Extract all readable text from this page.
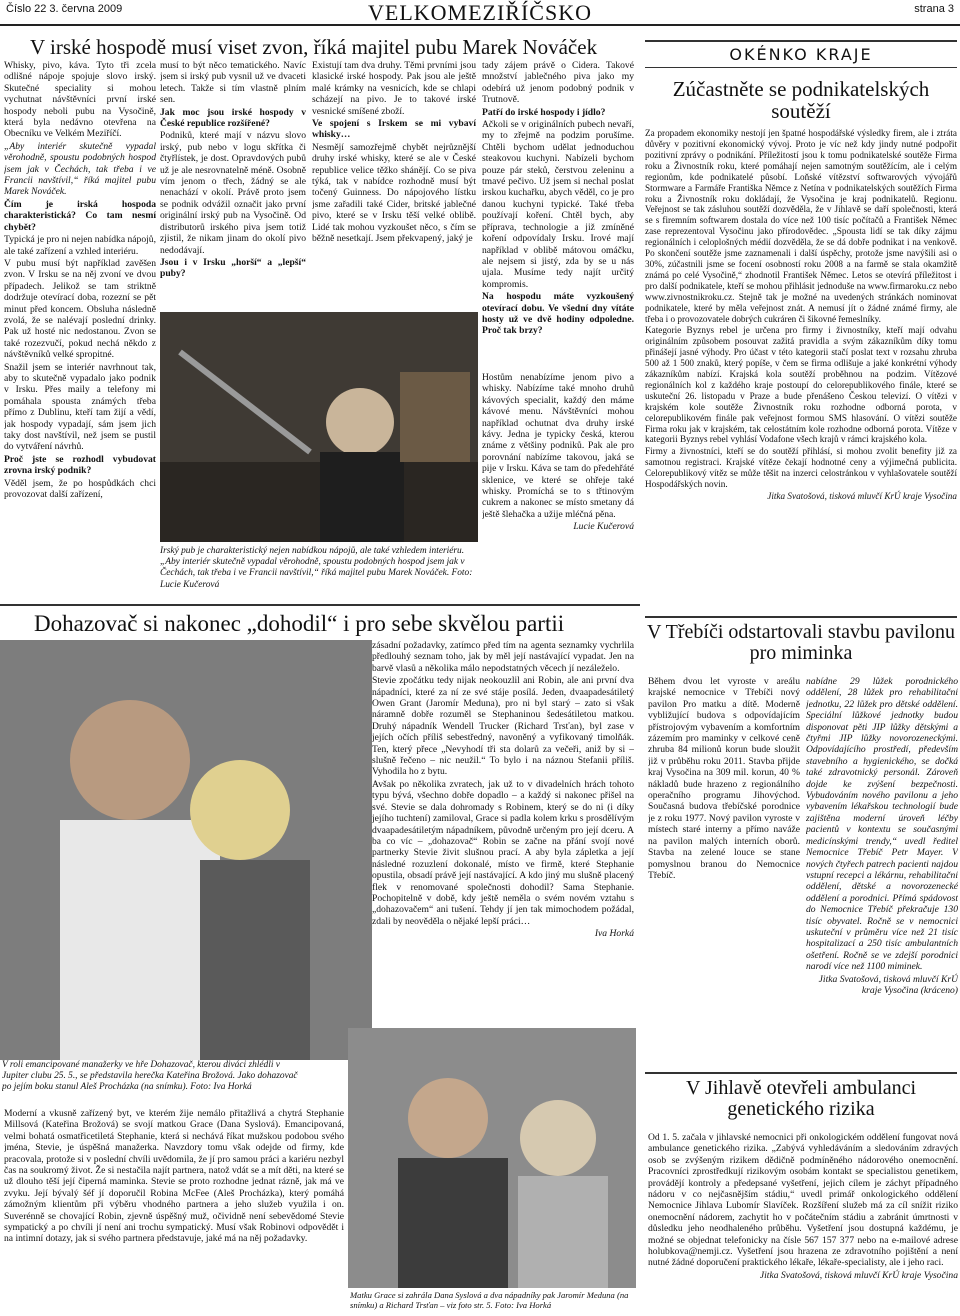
Číslo 22 3. června 2009	VELKOMEZIŘÍČSKO	strana 3
V irské hospodě musí viset zvon, říká majitel pubu Marek Nováček

Whisky, pivo, káva. Tyto tři zcela odlišné nápoje spojuje slovo irský. Skutečné speciality si mohou vychutnat návštěvníci první irské hospody neboli pubu na Vysočině, která byla nedávno otevřena na Obecníku ve Velkém Meziříčí.

„Aby interiér skutečně vypadal věrohodně, spoustu podobných hospod jsem jak v Čechách, tak třeba i ve Francii navštívil,“ říká majitel pubu Marek Nováček.

Čím je irská hospoda charakteristická? Co tam nesmí chybět?

Typická je pro ni nejen nabídka nápojů, ale také zařízení a vzhled interiéru.

V pubu musí být například zavěšen zvon. V Irsku se na něj zvoní ve dvou případech. Jelikož se tam striktně dodržuje otevírací doba, rozezní se pět minut před koncem. Obsluha následně zvolá, že se nalévají poslední drinky. Pak už hosté nic nedostanou. Zvon se také rozezvučí, pokud nechá někdo z návštěvníků velké spropitné.

Snažil jsem se interiér navrhnout tak, aby to skutečně vypadalo jako podnik v Irsku. Přes maily a telefony mi pomáhala spousta známých třeba přímo z Dublinu, kteří tam žijí a vědí, jak hospody vypadají, sám jsem jich taky dost navštívil, než jsem se pustil do vytváření návrhů.

Proč jste se rozhodl vybudovat zrovna irský podnik?

Věděl jsem, že po hospůdkách chci provozovat další zařízení,

musí to být něco tematického. Navíc jsem si irský pub vysnil už ve dvaceti letech. Takže si tím vlastně plním sen.

Jak moc jsou irské hospody v České republice rozšířené?

Podniků, které mají v názvu slovo irský, pub nebo v logu skřítka či čtyřlístek, je dost. Opravdových pubů už je ale nesrovnatelně méně. Osobně vím jenom o třech, žádný se ale nenachází v okolí. Právě proto jsem se podnik odvážil označit jako první originální irský pub na Vysočině. Od distributorů irského piva jsem totiž zjistil, že nikam jinam do okolí pivo nedodávají.

Jsou i v Irsku „horší“ a „lepší“ puby?

Existují tam dva druhy. Těmi prvními jsou klasické irské hospody. Pak jsou ale ještě malé krámky na vesnicích, kde se chlapi scházejí na pivo. Je to takové irské vesnické smíšené zboží.

Ve spojení s Irskem se mi vybaví whisky…

Nesmějí samozřejmě chybět nejrůznější druhy irské whisky, které se ale v České republice velice těžko shánějí. Co se piva týká, tak v nabídce rozhodně musí být točený Guinness. Do nápojového lístku jsme zařadili také Cider, britské jablečné pivo, které se v Irsku těší velké oblibě. Lidé tak mohou vyzkoušet něco, s čím se běžně nesetkají. Jsem překvapený, jaký je

tady zájem právě o Cidera. Takové množství jablečného piva jako my odebírá už jenom podobný podnik v Trutnově.

Patří do irské hospody i jídlo?

Ačkoli se v originálních pubech nevaří, my to zřejmě na podzim porušíme. Chtěli bychom udělat jednoduchou steakovou kuchyni. Nabízeli bychom pouze pár steků, čerstvou zeleninu a tmavé pečivo. Už jsem si nechal poslat irskou kuchařku, abych věděl, co je pro danou kuchyni typické. Také třeba používají koření. Chtěl bych, aby příprava, technologie a již zmíněné koření odpovídaly Irsku. Irové mají například v oblibě mátovou omáčku, ale nejsem si jistý, zda by se u nás ujala. Musíme tedy najít určitý kompromis.

Na hospodu máte vyzkoušený otevírací dobu. Ve všední dny vítáte hosty už ve dvě hodiny odpoledne. Proč tak brzy?

Hostům nenabízíme jenom pivo a whisky. Nabízíme také mnoho druhů kávových specialit, každý den máme kávové menu. Návštěvníci mohou například ochutnat dva druhy irské kávy. Jedna je typicky česká, kterou známe z většiny podniků. Pak ale pro porovnání nabízíme takovou, jaká se pije v Irsku. Káva se tam do předehřáté sklenice, ve které se ohřeje také whisky. Promíchá se to s třtinovým cukrem a nakonec se místo smetany dá ještě šlehačka a užije mléčná pěna.

Lucie Kučerová

Irský pub je charakteristický nejen nabídkou nápojů, ale také vzhledem interiéru. „Aby interiér skutečně vypadal věrohodně, spoustu podobných hospod jsem jak v Čechách, tak třeba i ve Francii navštívil,“ říká majitel pubu Marek Nováček. Foto: Lucie Kučerová
OKÉNKO KRAJE
Zúčastněte se podnikatelských soutěží

Za propadem ekonomiky nestojí jen špatné hospodářské výsledky firem, ale i ztráta důvěry v pozitivní ekonomický vývoj. Proto je víc než kdy jindy nutné podpořit pozitivní zprávy o podnikání. Příležitostí jsou k tomu podnikatelské soutěže Firma roku a Živnostník roku, které pomáhají nejen samotným soutěžícím, ale i celým regionům, kde podnikatelé působí. Loňské vítězství softwarových vývojářů Stormware a Farmáře Františka Němce z Netína v podnikatelských soutěžích Firma roku a Živnostník roku dokládají, že Vysočina je kraj podnikatelů. Regionu. Veřejnost se tak zásluhou soutěží dozvěděla, že v Jihlavě se daří společnosti, která se s firemním softwarem dostala do více než 100 tisíc počítačů a František Němec zase reprezentoval Vysočinu jako přírodovědec. „Spousta lidí se tak díky zájmu regionálních i celoplošných médií dozvěděla, že se dá dobře podnikat i na venkově. Po skončení soutěže jsme zaznamenali i další úspěchy, protože jsme navýšili asi o 30%, zúčastnili jsme se focení osobností roku 2008 a na farmě se stala okamžitě známá po celé Vysočině,“ zhodnotil František Němec. Letos se otevírá příležitost i pro další podnikatele, kteří se mohou přihlásit jednoduše na www.firmaroku.cz nebo www.zivnostnikroku.cz. Stejně tak je možné na uvedených stránkách nominovat podnikatele, které by měla veřejnost znát. A nemusí jít o žádné známé firmy, ale třeba i o provozovatele dobrých cukráren či šikovné řemeslníky.

Kategorie Byznys rebel je určena pro firmy i živnostníky, kteří mají odvahu originálním způsobem posouvat zažitá pravidla a svým zákazníkům díky tomu přinášejí jasné výhody. Pro účast v této kategorii stačí poslat text v rozsahu zhruba 500 až 1 500 znaků, který popíše, v čem se firma odlišuje a jaké konkrétní výhody zákazníkům nabízí. Krajská kola soutěží proběhnou na podzim. Vítězové regionálních kol z každého kraje postoupí do celorepublikového finále, které se uskuteční 26. listopadu v Praze a bude přenášeno Českou televizí. O vítězi v krajském kole soutěže Živnostník roku rozhodne odborná porota, v celorepublikovém finále pak veřejnost formou SMS hlasování. O vítězi soutěže Firma roku jak v krajském, tak celostátním kole rozhodne odborná porota. Vítěze v kategorii Byznys rebel vyhlásí Vodafone všech krajů v rámci krajského kola.

Firmy a živnostníci, kteří se do soutěží přihlásí, si mohou zvolit benefity již za samotnou registraci. Krajské vítěze čekají hodnotné ceny a výjimečná publicita. Celorepublikový vítěz se může těšit na inzerci celostránkou v vyhlašovatele soutěží Hospodářských novin.

Jitka Svatošová, tisková mluvčí KrÚ kraje Vysočina

Dohazovač si nakonec „dohodil“ i pro sebe skvělou partii

zásadní požadavky, zatímco před tím na agenta seznamky vychrlila předlouhý seznam toho, jak by měl její nastávající vypadat. Jen na barvě vlasů a několika málo nepodstatných věcech jí nezáleželo.

Stevie zpočátku tedy nijak neokouzlil ani Robin, ale ani první dva nápadníci, které za ní ze své stáje posílá. Jeden, dvaapadesátiletý Owen Grant (Jaromír Meduna), pro ni byl starý – zato si však náramně dobře rozuměl se Stephaninou šedesátiletou matkou. Druhý nápadník Wendell Trucker (Richard Trsťan), byl zase v jejích očích příliš sebestředný, navoněný a vyfikovaný timolňák. Ten, který přece „Nevyhodí tři sta dolarů za večeři, aniž by si – slušně řečeno – nic neužil.“ To bylo i na náznou Stefanii příliš. Vyhodila ho z bytu.

Avšak po několika zvratech, jak už to v divadelních hrách tohoto typu bývá, všechno dobře dopadlo – a každý si nakonec přišel na své. Stevie se dala dohromady s Robinem, který se do ni (i díky jejího tuchtení) zamiloval, Grace si padla kolem krku s prosdělívým dvaapadesátiletým nápadníkem, původně určeným pro její dceru. A ba co víc – „dohazovač“ Robin se začne na přání svojí nové partnerky Stevie živit slušnou prací. A aby byla zápletka a její následné rozuzlení dokonalé, místo ve firmě, které Stephanie opustila, obsadí právě její nastávající. A kdo jiný mu slušně placený flek v renomované společnosti dohodil? Sama Stephanie. Pochopitelně v době, kdy ještě neměla o svém novém vztahu s „dohazovačem“ ani tušení. Tehdy jí jen tak mimochodem požádal, zdali by neověděla o nějaké lepší práci…

Iva Horká

V roli emancipované manažerky ve hře Dohazovač, kterou diváci zhlédli v Jupiter clubu 25. 5., se představila herečka Kateřina Brožová. Jako dohazovač po jejím boku stanul Aleš Procházka (na snímku). Foto: Iva Horká

Moderní a vkusně zařízený byt, ve kterém žije nemálo přitažlivá a chytrá Stephanie Millsová (Kateřina Brožová) se svojí matkou Grace (Dana Syslová). Emancipovaná, velmi bohatá osmatřicetiletá Stephanie, která si nechává říkat mužskou podobou svého jména, Stevie, je úspěšná manažerka. Navzdory tomu však odejde od firmy, kde pracovala, protože si v poslední chvíli uvědomila, že jí pro samou práci a kariéru nezbyl čas na soukromý život. Že si nestačila najít partnera, natož vdát se a mít děti, na které se už dlouho těší její čiperná maminka. Stevie se proto rozhodne jednat rázně, jak má ve zvyku. Její bývalý šéf jí doporučil Robina McFee (Aleš Procházka), který pomáhá zámožným klientům při výběru vhodného partnera a jeho služeb využila i on. Suverénně se chovající Robin, zjevně úspěšný muž, očividně není sebevědomé Stevie sympatický a po chvíli jí není ani trochu sympatický. Musí však Robinovi odpovědět i na intimní dotazy, jak si svého partnera představuje, jaké má na něj požadavky.

Matku Grace si zahrála Dana Syslová a dva nápadníky pak Jaromír Meduna (na snímku) a Richard Trsťan – viz foto str. 5. Foto: Iva Horká
V Třebíči odstartovali stavbu pavilonu pro miminka

Během dvou let vyroste v areálu krajské nemocnice v Třebíči nový pavilon Pro matku a dítě. Moderně vybližující budova s odpovídajícím přístrojovým vybavením a komfortním zázemím pro maminky v celkové ceně zhruba 84 milionů korun bude sloužit již v průběhu roku 2011. Stavba přijde kraj Vysočina na 309 mil. korun, 40 % nákladů bude hrazeno z regionálního operačního programu Jihovýchod. Současná budova třebíčské porodnice je z roku 1977. Nový pavilon vyroste v místech staré interny a přímo naváže na pavilon malých interních oborů. Stavba na zelené louce se stane pomyslnou branou do Nemocnice Třebíč.

nabídne 29 lůžek porodnického oddělení, 28 lůžek pro rehabilitační jednotku, 22 lůžek pro dětské oddělení. Speciální lůžkové jednotky budou disponovat pěti JIP lůžky dětskými a čtyřmi JIP lůžky novorozeneckými. Odpovídajícího prostředí, především stavebního a hygienického, se dočká také zdravotnický personál. Zároveň dojde ke zvýšení bezpečnosti. Vybudováním nového pavilonu a jeho vybavením lékařskou technologií bude zajištěna moderní úroveň léčby pacientů v kontextu se současnými medicínskými trendy,“ uvedl ředitel Nemocnice Třebíč Petr Mayer. V nových čtyřech patrech pacienti najdou vstupní recepci a lékárnu, rehabilitační oddělení, dětské a novorozenecké oddělení a porodnici. Přímá spádovost do Nemocnice Třebíč překračuje 130 tisíc obyvatel. Ročně se v nemocnici uskuteční v průměru více než 21 tisíc hospitalizací a 250 tisíc ambulantních ošetření. Ročně se ve zdejší porodnici narodí více než 1100 miminek.

Jitka Svatošová, tisková mluvčí KrÚ kraje Vysočina (kráceno)

V Jihlavě otevřeli ambulanci genetického rizika

Od 1. 5. začala v jihlavské nemocnici při onkologickém oddělení fungovat nová ambulance genetického rizika. „Zabývá vyhledáváním a sledováním zdravých osob se zvýšeným rizikem dědičně podmíněného nádorového onemocnění. Pracovníci zprostředkují rizikovým osobám kontakt se specialistou genetikem, provádějí kontroly a předepsané vyšetření, jejich cílem je záchyt případného nádoru v co nejčasnějším stádiu,“ uvedl primář onkologického oddělení Nemocnice Jihlava Lubomír Slavíček. Rozšíření služeb má za cíl snížit riziko onemocnění nádorem, zachytit ho v počátečním stádiu a zabránit úmrtnosti v důsledku jeho neodhaleného průběhu. Vyšetření jsou dostupná každému, je možné se objednat telefonicky na čísle 567 157 377 nebo na e-mailové adrese holubkova@nemji.cz. Vyšetření jsou hrazena ze zdravotního pojištění a není nutné žádné doporučení praktického lékaře, lékaře-specialisty, ale i jeho raci.

Jitka Svatošová, tisková mluvčí KrÚ kraje Vysočina
